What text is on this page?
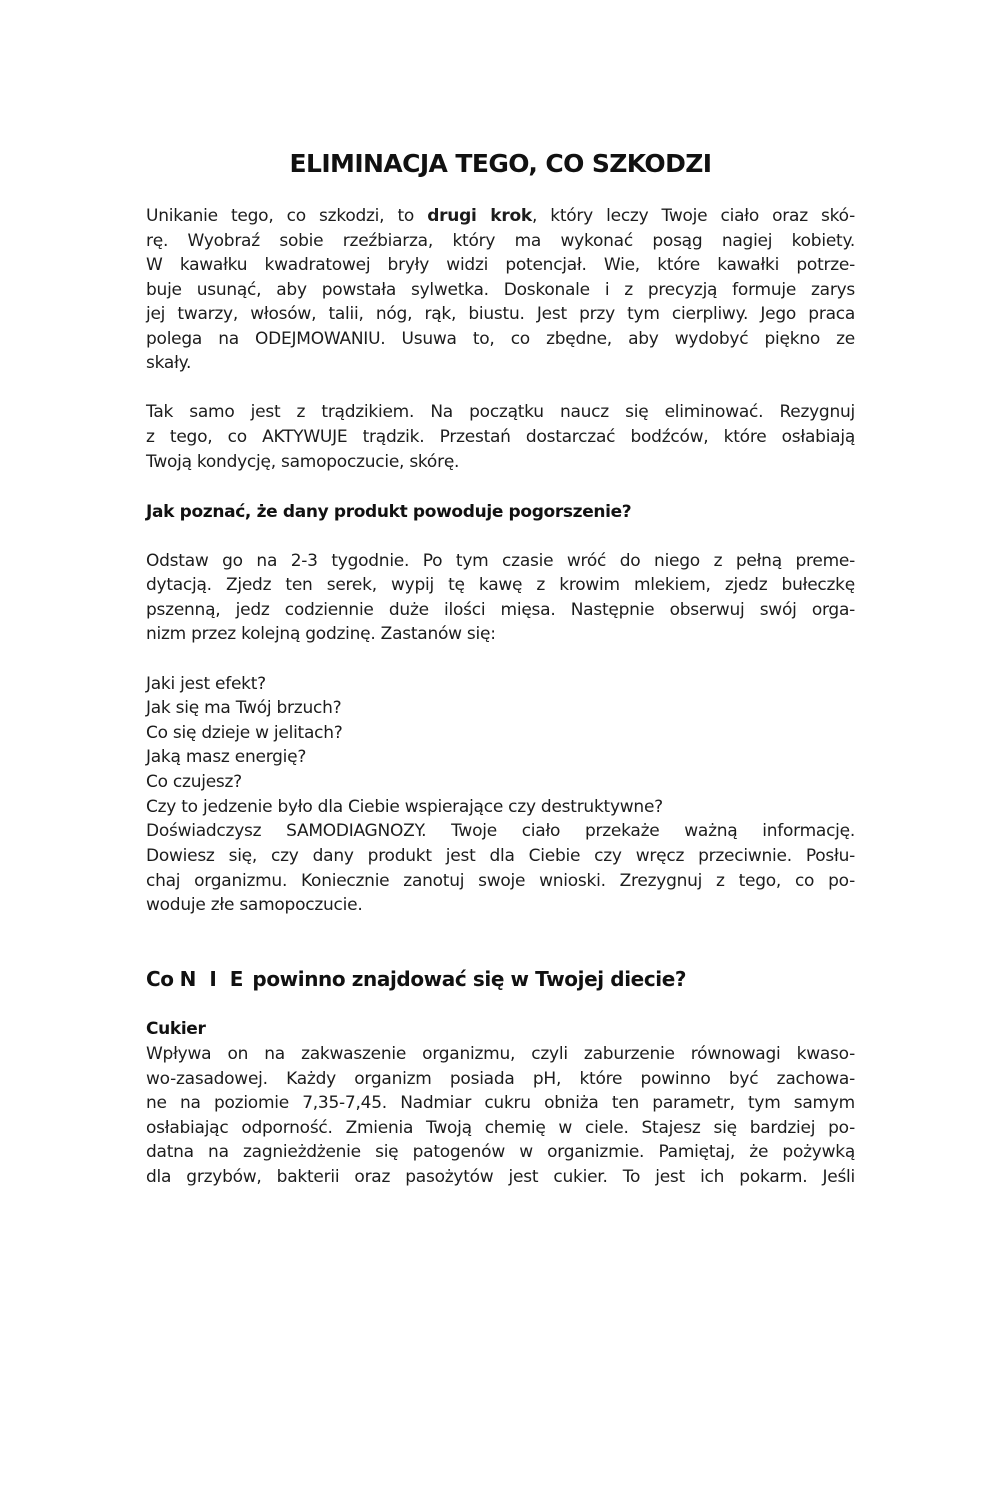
ELIMINACJA TEGO, CO SZKODZI
Unikanie tego, co szkodzi, to drugi krok, który leczy Twoje ciało oraz skó-
rę. Wyobraź sobie rzeźbiarza, który ma wykonać posąg nagiej kobiety.
W kawałku kwadratowej bryły widzi potencjał. Wie, które kawałki potrze-
buje usunąć, aby powstała sylwetka. Doskonale i z precyzją formuje zarys
jej twarzy, włosów, talii, nóg, rąk, biustu. Jest przy tym cierpliwy. Jego praca
polega na ODEJMOWANIU. Usuwa to, co zbędne, aby wydobyć piękno ze
skały.
Tak samo jest z trądzikiem. Na początku naucz się eliminować. Rezygnuj
z tego, co AKTYWUJE trądzik. Przestań dostarczać bodźców, które osłabiają
Twoją kondycję, samopoczucie, skórę.
Jak poznać, że dany produkt powoduje pogorszenie?
Odstaw go na 2-3 tygodnie. Po tym czasie wróć do niego z pełną preme-
dytacją. Zjedz ten serek, wypij tę kawę z krowim mlekiem, zjedz bułeczkę
pszenną, jedz codziennie duże ilości mięsa. Następnie obserwuj swój orga-
nizm przez kolejną godzinę. Zastanów się:
Jaki jest efekt?
Jak się ma Twój brzuch?
Co się dzieje w jelitach?
Jaką masz energię?
Co czujesz?
Czy to jedzenie było dla Ciebie wspierające czy destruktywne?
Doświadczysz SAMODIAGNOZY. Twoje ciało przekaże ważną informację.
Dowiesz się, czy dany produkt jest dla Ciebie czy wręcz przeciwnie. Posłu-
chaj organizmu. Koniecznie zanotuj swoje wnioski. Zrezygnuj z tego, co po-
woduje złe samopoczucie.
Co N I E powinno znajdować się w Twojej diecie?
Cukier
Wpływa on na zakwaszenie organizmu, czyli zaburzenie równowagi kwaso-
wo-zasadowej. Każdy organizm posiada pH, które powinno być zachowa-
ne na poziomie 7,35-7,45. Nadmiar cukru obniża ten parametr, tym samym
osłabiając odporność. Zmienia Twoją chemię w ciele. Stajesz się bardziej po-
datna na zagnieżdżenie się patogenów w organizmie. Pamiętaj, że pożywką
dla grzybów, bakterii oraz pasożytów jest cukier. To jest ich pokarm. Jeśli
